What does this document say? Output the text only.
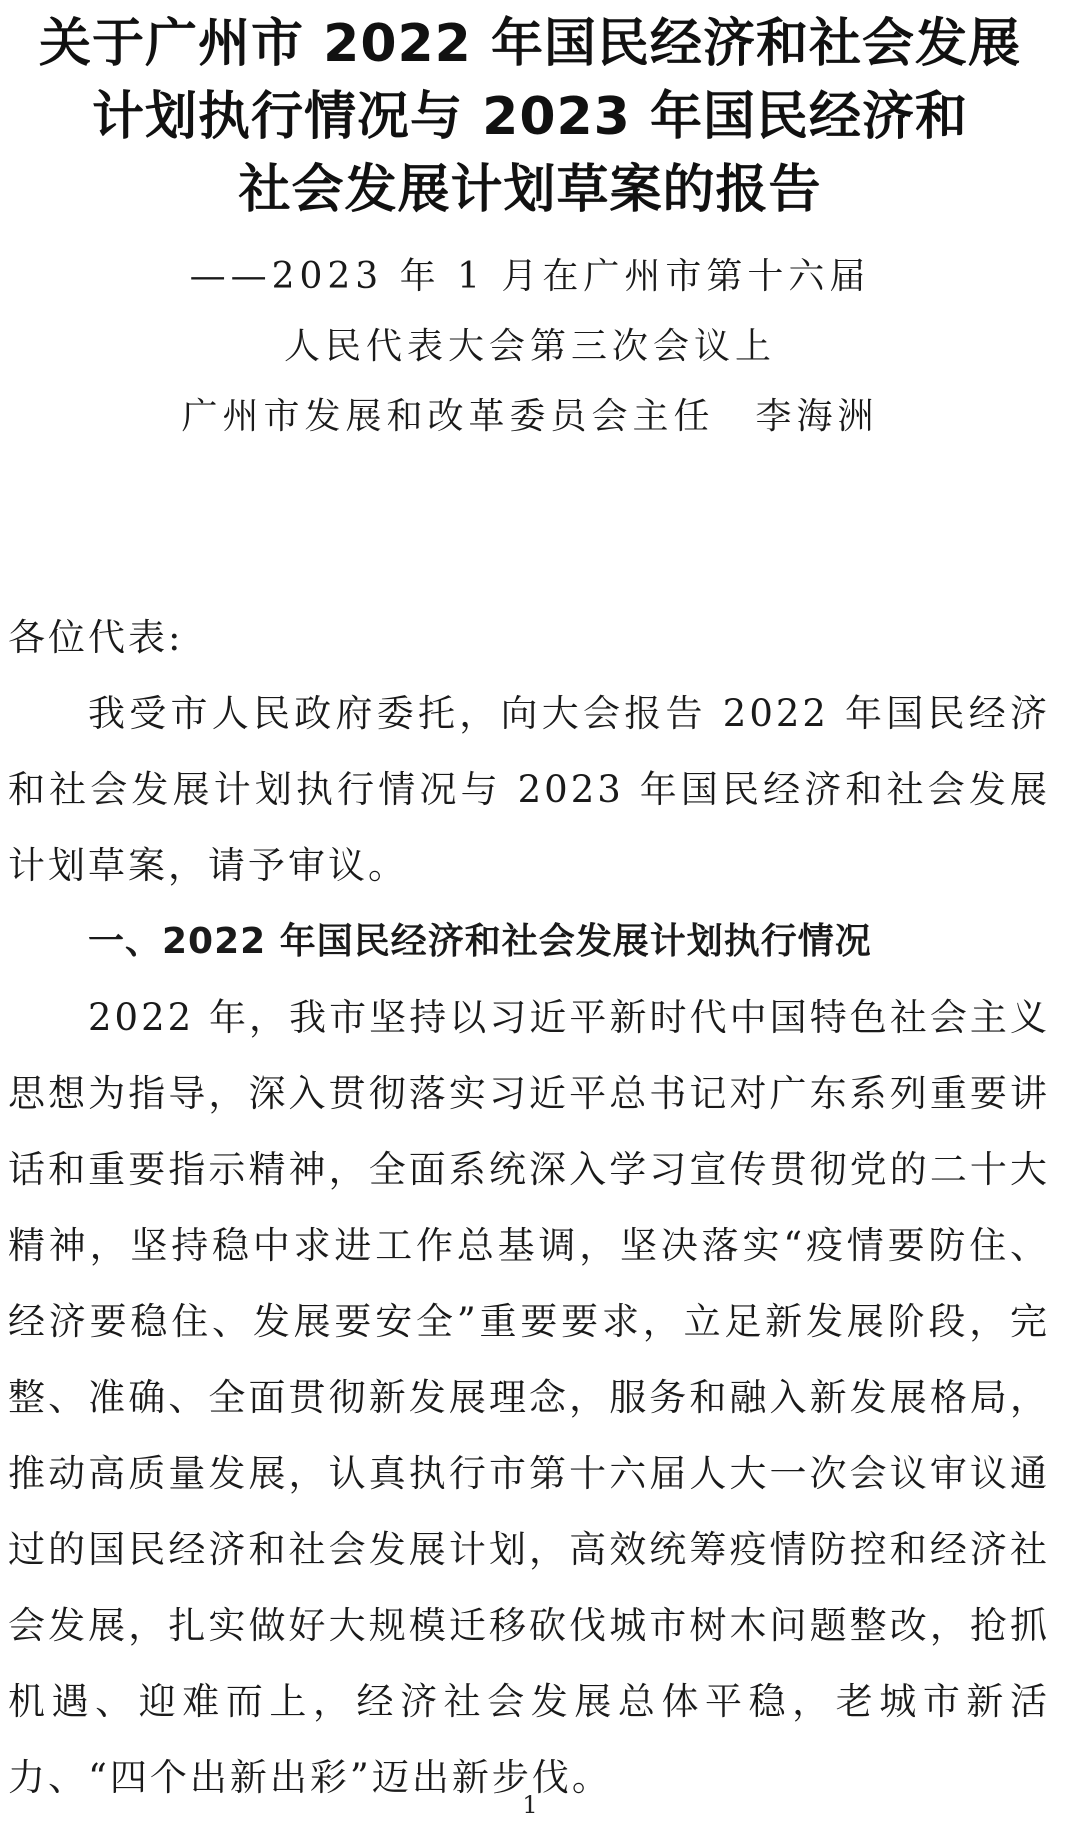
关于广州市 2022 年国民经济和社会发展
计划执行情况与 2023 年国民经济和
社会发展计划草案的报告
——2023 年 1 月在广州市第十六届
人民代表大会第三次会议上
广州市发展和改革委员会主任　李海洲
各位代表:

我受市人民政府委托，向大会报告 2022 年国民经济和社会发展计划执行情况与 2023 年国民经济和社会发展计划草案，请予审议。

一、2022 年国民经济和社会发展计划执行情况

2022 年，我市坚持以习近平新时代中国特色社会主义思想为指导，深入贯彻落实习近平总书记对广东系列重要讲话和重要指示精神，全面系统深入学习宣传贯彻党的二十大精神，坚持稳中求进工作总基调，坚决落实“疫情要防住、经济要稳住、发展要安全”重要要求，立足新发展阶段，完整、准确、全面贯彻新发展理念，服务和融入新发展格局，推动高质量发展，认真执行市第十六届人大一次会议审议通过的国民经济和社会发展计划，高效统筹疫情防控和经济社会发展，扎实做好大规模迁移砍伐城市树木问题整改，抢抓机遇、迎难而上，经济社会发展总体平稳，老城市新活力、“四个出新出彩”迈出新步伐。

1
